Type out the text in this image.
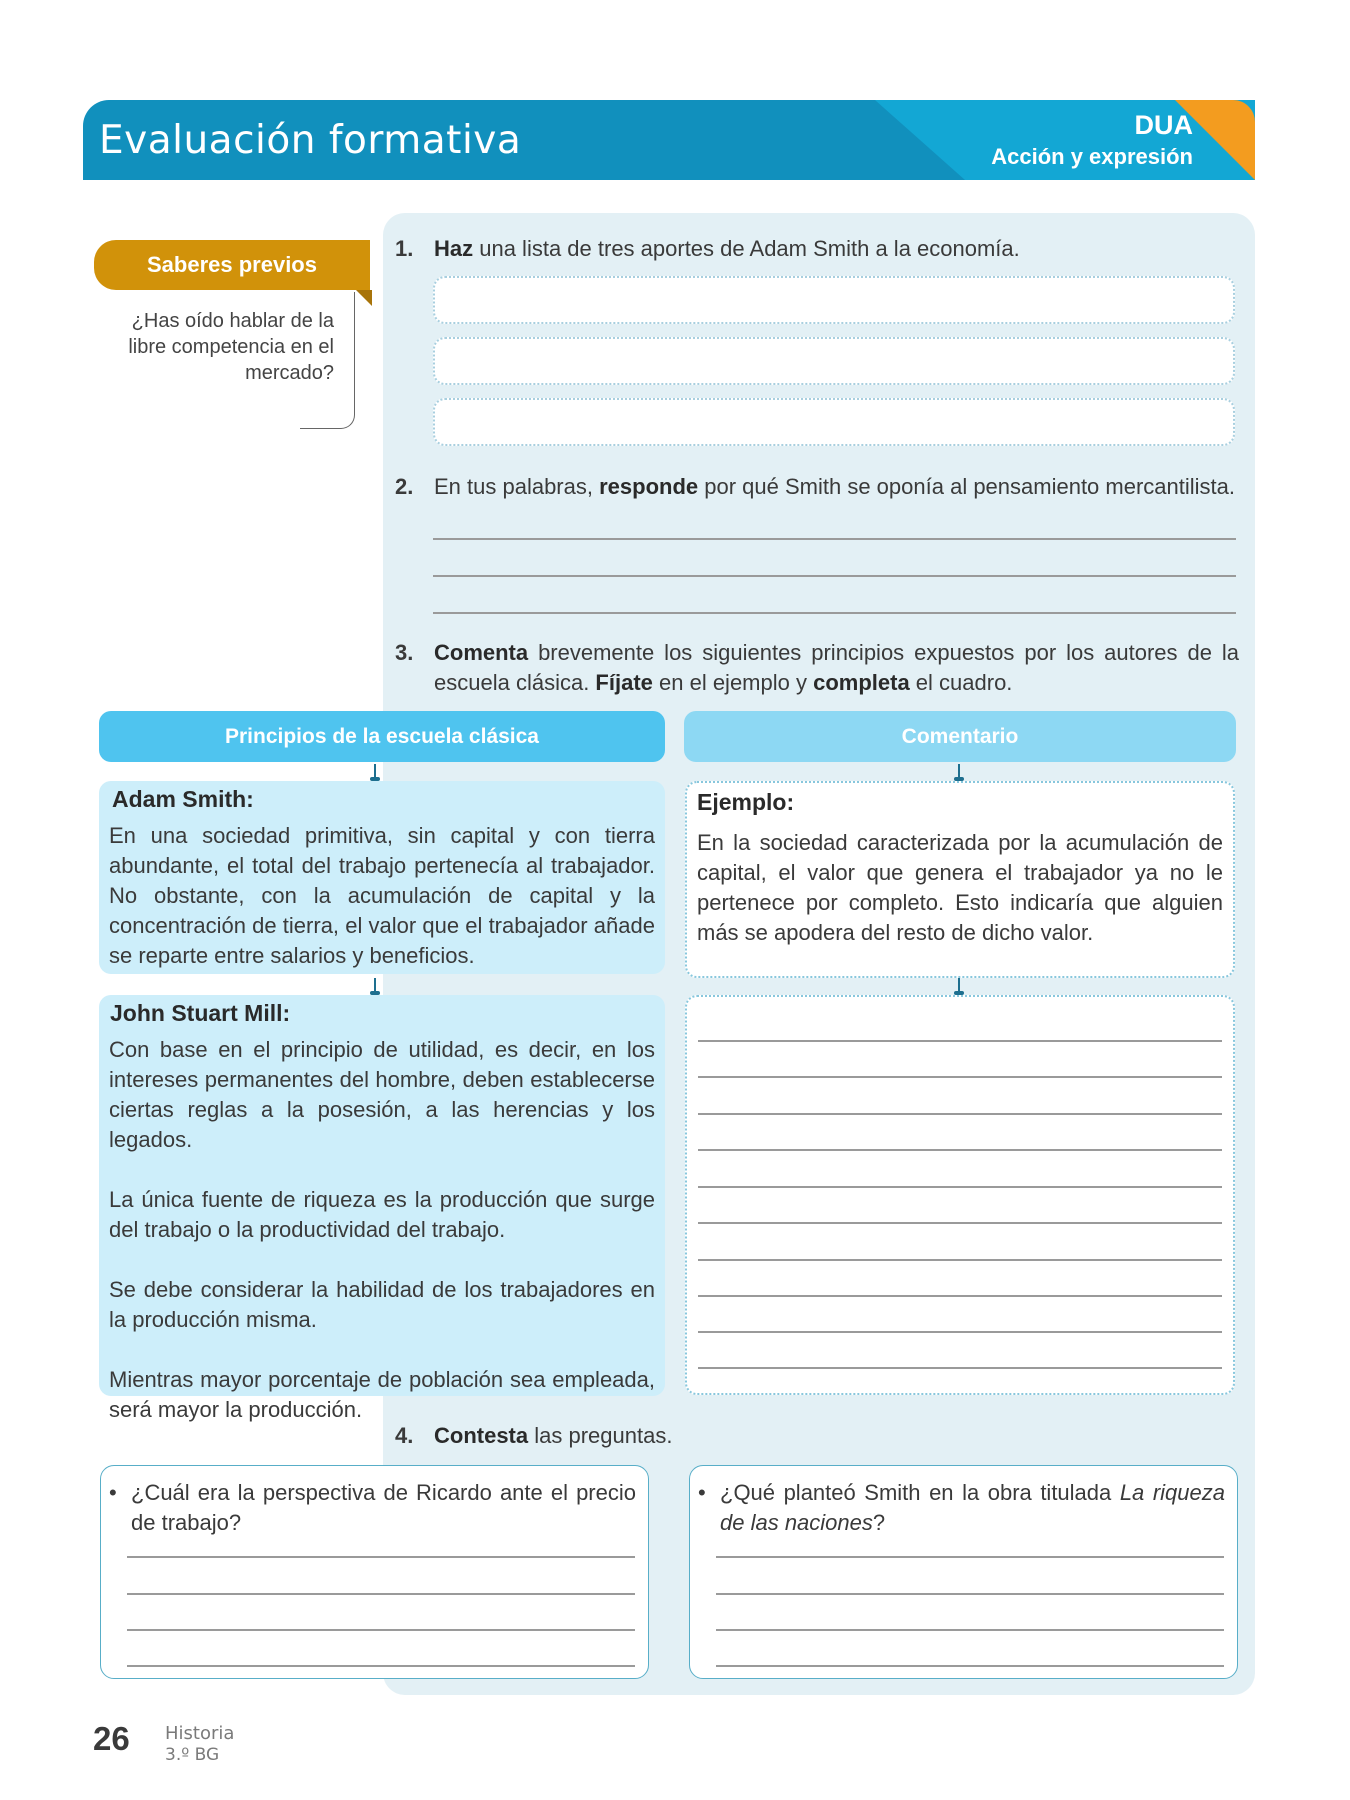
Evaluación formativa	DUA
Acción y expresión
Saberes previos
¿Has oído hablar de la libre competencia en el mercado?
1. Haz una lista de tres aportes de Adam Smith a la economía.
2. En tus palabras, responde por qué Smith se oponía al pensamiento mercantilista.
3. Comenta brevemente los siguientes principios expuestos por los autores de la escuela clásica. Fíjate en el ejemplo y completa el cuadro.
Principios de la escuela clásica	Comentario
Adam Smith:
En una sociedad primitiva, sin capital y con tierra abundante, el total del trabajo pertenecía al trabajador. No obstante, con la acumulación de capital y la concentración de tierra, el valor que el trabajador añade se reparte entre salarios y beneficios.
Ejemplo:
En la sociedad caracterizada por la acumulación de capital, el valor que genera el trabajador ya no le pertenece por completo. Esto indicaría que alguien más se apodera del resto de dicho valor.
John Stuart Mill:
Con base en el principio de utilidad, es decir, en los intereses permanentes del hombre, deben establecerse ciertas reglas a la posesión, a las herencias y los legados.

La única fuente de riqueza es la producción que surge del trabajo o la productividad del trabajo.

Se debe considerar la habilidad de los trabajadores en la producción misma.

Mientras mayor porcentaje de población sea empleada, será mayor la producción.
4. Contesta las preguntas.
• ¿Cuál era la perspectiva de Ricardo ante el precio de trabajo?
• ¿Qué planteó Smith en la obra titulada La riqueza de las naciones?
26 Historia
3.º BG
